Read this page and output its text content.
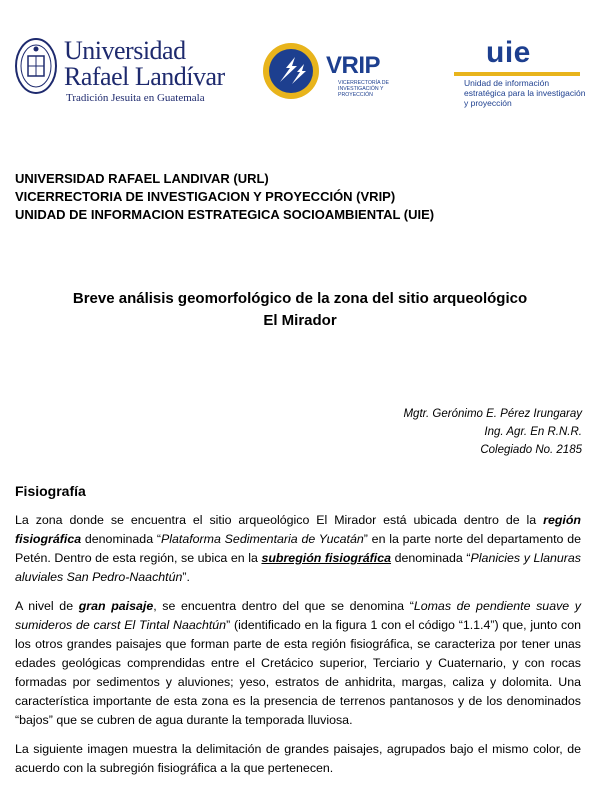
Universidad
Rafael Landívar
Tradición Jesuita en Guatemala
VRIP
VICERRECTORÍA DE INVESTIGACIÓN Y PROYECCIÓN
uie
Unidad de información estratégica para la investigación y proyección
UNIVERSIDAD RAFAEL LANDIVAR (URL)
VICERRECTORIA DE INVESTIGACION Y PROYECCIÓN (VRIP)
UNIDAD DE INFORMACION ESTRATEGICA SOCIOAMBIENTAL (UIE)
Breve análisis geomorfológico de la zona del sitio arqueológico
El Mirador
Mgtr. Gerónimo E. Pérez Irungaray
Ing. Agr. En R.N.R.
Colegiado No. 2185
Fisiografía

La zona donde se encuentra el sitio arqueológico El Mirador está ubicada dentro de la región fisiográfica denominada “Plataforma Sedimentaria de Yucatán” en la parte norte del departamento de Petén. Dentro de esta región, se ubica en la subregión fisiográfica denominada “Planicies y Llanuras aluviales San Pedro-Naachtún”.

A nivel de gran paisaje, se encuentra dentro del que se denomina “Lomas de pendiente suave y sumideros de carst El Tintal Naachtún” (identificado en la figura 1 con el código “1.1.4”) que, junto con los otros grandes paisajes que forman parte de esta región fisiográfica, se caracteriza por tener unas edades geológicas comprendidas entre el Cretácico superior, Terciario y Cuaternario, y con rocas formadas por sedimentos y aluviones; yeso, estratos de anhidrita, margas, caliza y dolomita. Una característica importante de esta zona es la presencia de terrenos pantanosos y de los denominados “bajos” que se cubren de agua durante la temporada lluviosa.

La siguiente imagen muestra la delimitación de grandes paisajes, agrupados bajo el mismo color, de acuerdo con la subregión fisiográfica a la que pertenecen.
